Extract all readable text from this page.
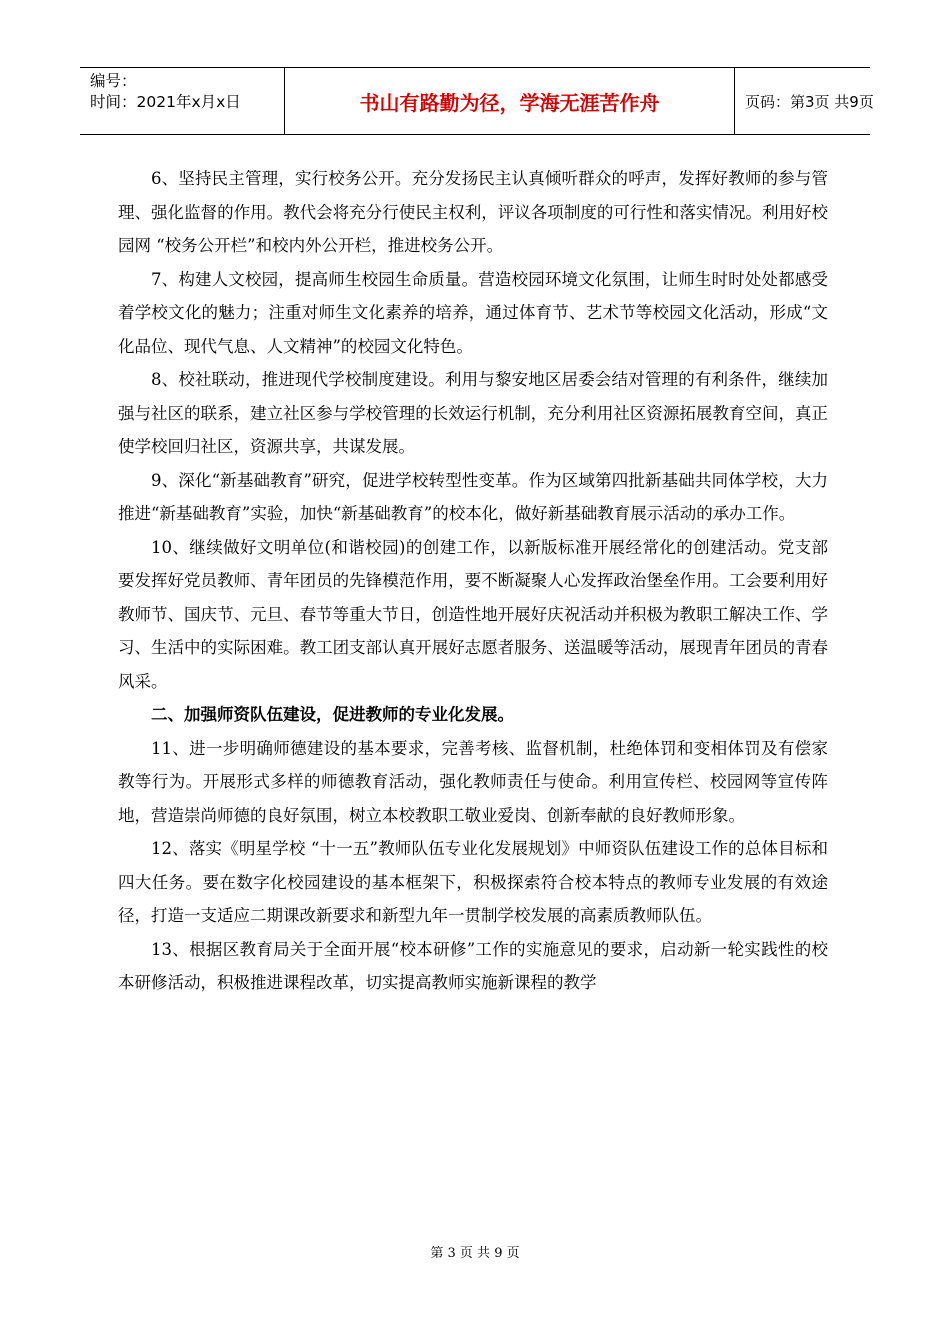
编号：
时间：2021年x月x日	书山有路勤为径，学海无涯苦作舟	页码：第3页 共9页

6、坚持民主管理，实行校务公开。充分发扬民主认真倾听群众的呼声，发挥好教师的参与管理、强化监督的作用。教代会将充分行使民主权利，评议各项制度的可行性和落实情况。利用好校园网 “校务公开栏”和校内外公开栏，推进校务公开。

7、构建人文校园，提高师生校园生命质量。营造校园环境文化氛围，让师生时时处处都感受着学校文化的魅力；注重对师生文化素养的培养，通过体育节、艺术节等校园文化活动，形成“文化品位、现代气息、人文精神”的校园文化特色。

8、校社联动，推进现代学校制度建设。利用与黎安地区居委会结对管理的有利条件，继续加强与社区的联系，建立社区参与学校管理的长效运行机制，充分利用社区资源拓展教育空间，真正使学校回归社区，资源共享，共谋发展。

9、深化“新基础教育”研究，促进学校转型性变革。作为区域第四批新基础共同体学校，大力推进“新基础教育”实验，加快“新基础教育”的校本化，做好新基础教育展示活动的承办工作。

10、继续做好文明单位(和谐校园)的创建工作，以新版标准开展经常化的创建活动。党支部要发挥好党员教师、青年团员的先锋模范作用，要不断凝聚人心发挥政治堡垒作用。工会要利用好教师节、国庆节、元旦、春节等重大节日，创造性地开展好庆祝活动并积极为教职工解决工作、学习、生活中的实际困难。教工团支部认真开展好志愿者服务、送温暖等活动，展现青年团员的青春风采。

二、加强师资队伍建设，促进教师的专业化发展。

11、进一步明确师德建设的基本要求，完善考核、监督机制，杜绝体罚和变相体罚及有偿家教等行为。开展形式多样的师德教育活动，强化教师责任与使命。利用宣传栏、校园网等宣传阵地，营造崇尚师德的良好氛围，树立本校教职工敬业爱岗、创新奉献的良好教师形象。

12、落实《明星学校 “十一五”教师队伍专业化发展规划》中师资队伍建设工作的总体目标和四大任务。要在数字化校园建设的基本框架下，积极探索符合校本特点的教师专业发展的有效途径，打造一支适应二期课改新要求和新型九年一贯制学校发展的高素质教师队伍。

13、根据区教育局关于全面开展“校本研修”工作的实施意见的要求，启动新一轮实践性的校本研修活动，积极推进课程改革，切实提高教师实施新课程的教学

第 3 页 共 9 页
